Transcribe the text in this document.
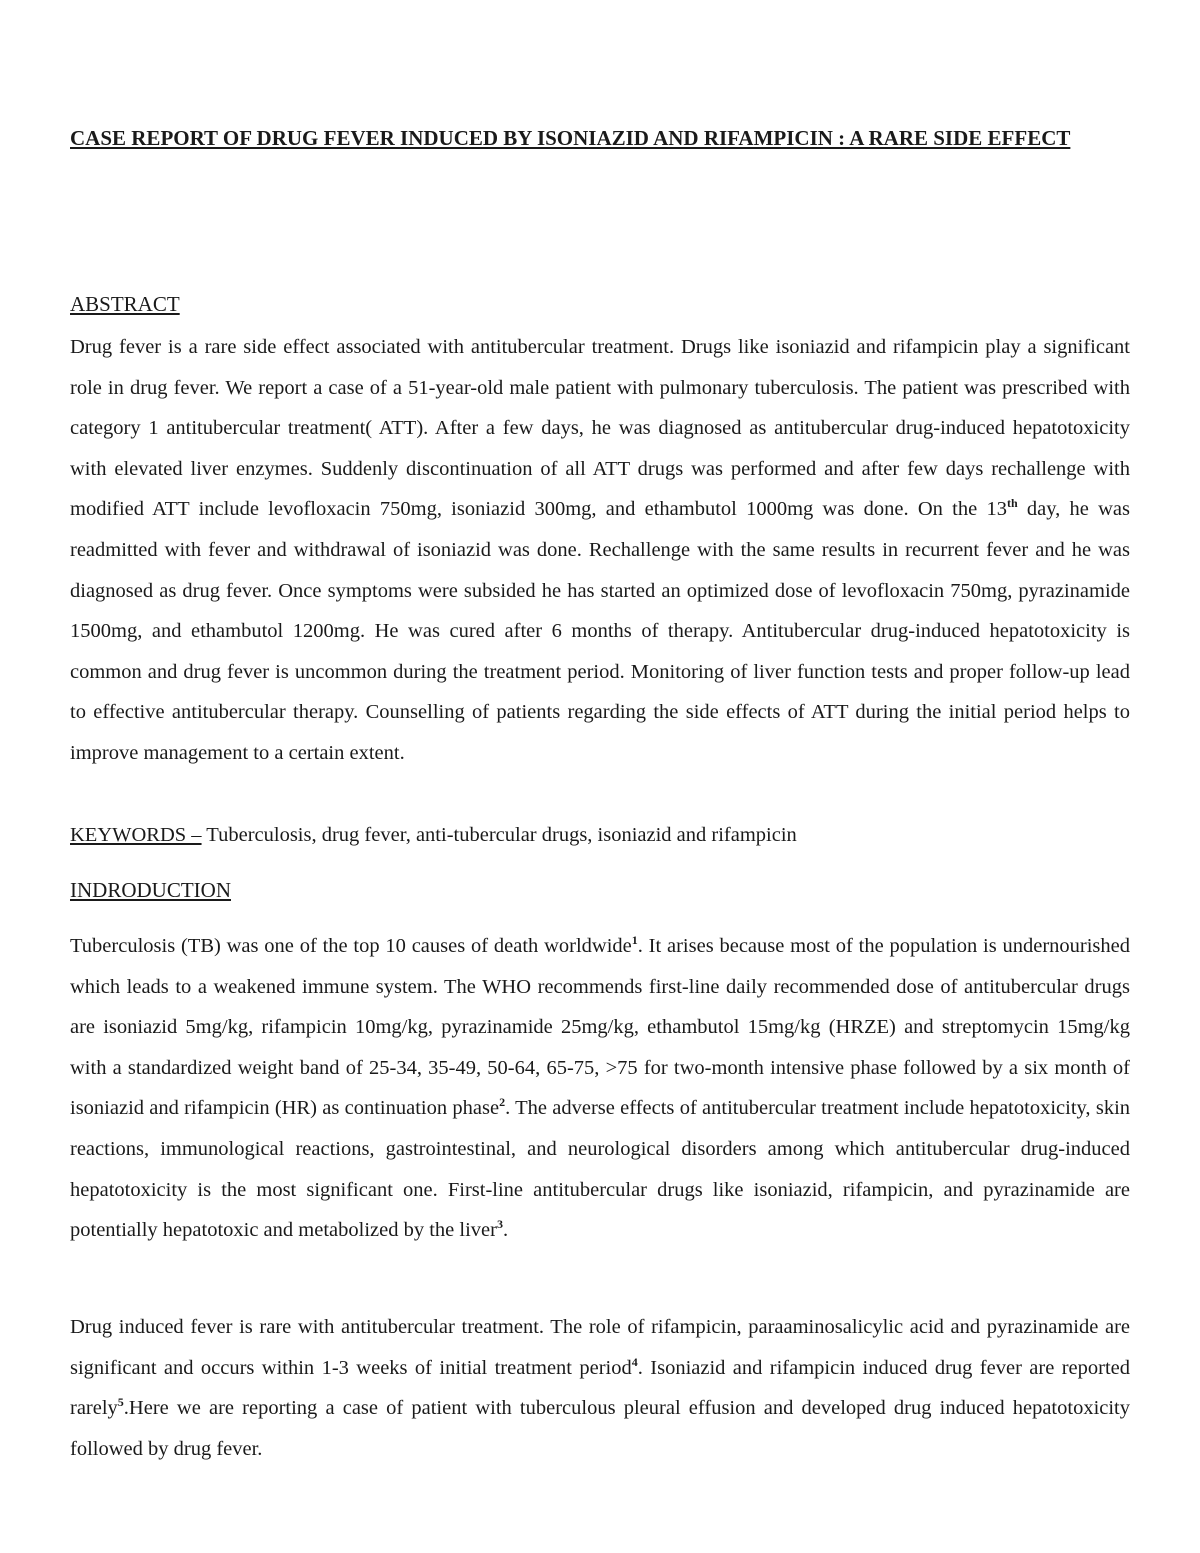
CASE REPORT OF DRUG FEVER INDUCED BY ISONIAZID AND RIFAMPICIN : A RARE SIDE EFFECT
ABSTRACT

Drug fever is a rare side effect associated with antitubercular treatment. Drugs like isoniazid and rifampicin play a significant role in drug fever. We report a case of a 51-year-old male patient with pulmonary tuberculosis. The patient was prescribed with category 1 antitubercular treatment( ATT). After a few days, he was diagnosed as antitubercular drug-induced hepatotoxicity with elevated liver enzymes. Suddenly discontinuation of all ATT drugs was performed and after few days rechallenge with modified ATT include levofloxacin 750mg, isoniazid 300mg, and ethambutol 1000mg was done. On the 13th day, he was readmitted with fever and withdrawal of isoniazid was done. Rechallenge with the same results in recurrent fever and he was diagnosed as drug fever. Once symptoms were subsided he has started an optimized dose of levofloxacin 750mg, pyrazinamide 1500mg, and ethambutol 1200mg. He was cured after 6 months of therapy. Antitubercular drug-induced hepatotoxicity is common and drug fever is uncommon during the treatment period. Monitoring of liver function tests and proper follow-up lead to effective antitubercular therapy. Counselling of patients regarding the side effects of ATT during the initial period helps to improve management to a certain extent.

KEYWORDS – Tuberculosis, drug fever, anti-tubercular drugs, isoniazid and rifampicin
INDRODUCTION

Tuberculosis (TB) was one of the top 10 causes of death worldwide$^1$. It arises because most of the population is undernourished which leads to a weakened immune system. The WHO recommends first-line daily recommended dose of antitubercular drugs are isoniazid 5mg/kg, rifampicin 10mg/kg, pyrazinamide 25mg/kg, ethambutol 15mg/kg (HRZE) and streptomycin 15mg/kg with a standardized weight band of 25-34, 35-49, 50-64, 65-75, >75 for two-month intensive phase followed by a six month of isoniazid and rifampicin (HR) as continuation phase$^2$. The adverse effects of antitubercular treatment include hepatotoxicity, skin reactions, immunological reactions, gastrointestinal, and neurological disorders among which antitubercular drug-induced hepatotoxicity is the most significant one. First-line antitubercular drugs like isoniazid, rifampicin, and pyrazinamide are potentially hepatotoxic and metabolized by the liver$^3$.

Drug induced fever is rare with antitubercular treatment. The role of rifampicin, paraaminosalicylic acid and pyrazinamide are significant and occurs within 1-3 weeks of initial treatment period$^4$. Isoniazid and rifampicin induced drug fever are reported rarely$^5$.Here we are reporting a case of patient with tuberculous pleural effusion and developed drug induced hepatotoxicity followed by drug fever.
